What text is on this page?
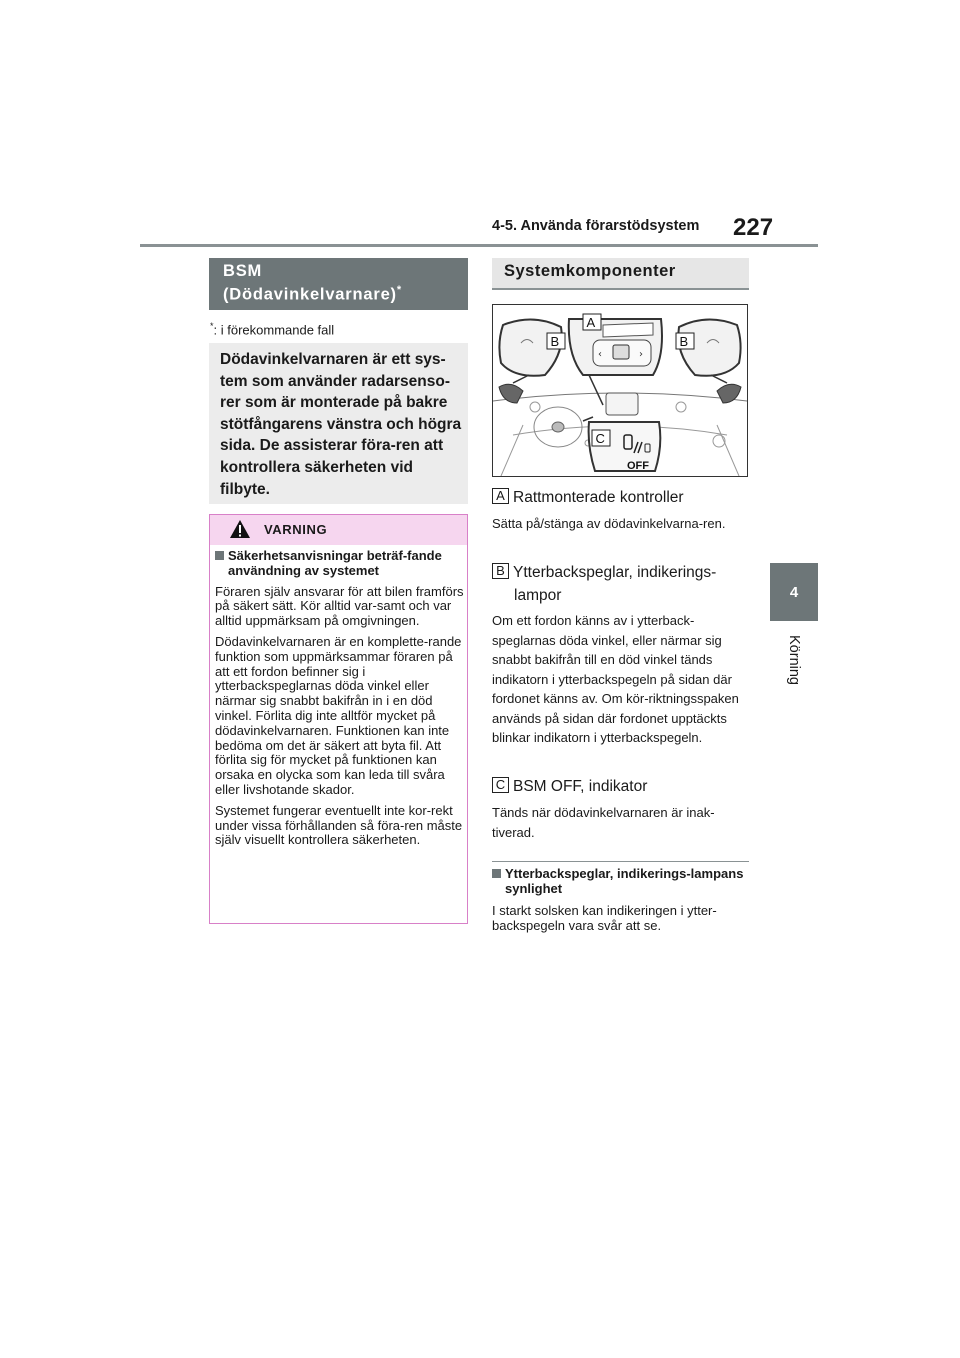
4-5. Använda förarstödsystem 227
4
Körning
BSM
(Dödavinkelvarnare)*
*: i förekommande fall
Dödavinkelvarnaren är ett sys-tem som använder radarsenso-rer som är monterade på bakre stötfångarens vänstra och högra sida. De assisterar föra-ren att kontrollera säkerheten vid filbyte.
VARNING

Säkerhetsanvisningar beträf-fande användning av systemet

Föraren själv ansvarar för att bilen framförs på säkert sätt. Kör alltid var-samt och var alltid uppmärksam på omgivningen.

Dödavinkelvarnaren är en komplette-rande funktion som uppmärksammar föraren på att ett fordon befinner sig i ytterbackspeglarnas döda vinkel eller närmar sig snabbt bakifrån in i en död vinkel. Förlita dig inte alltför mycket på dödavinkelvarnaren. Funktionen kan inte bedöma om det är säkert att byta fil. Att förlita sig för mycket på funktionen kan orsaka en olycka som kan leda till svåra eller livshotande skador.

Systemet fungerar eventuellt inte kor-rekt under vissa förhållanden så föra-ren måste själv visuellt kontrollera säkerheten.

Systemkomponenter
‹	›
A
B	B
C
OFF
A Rattmonterade kontroller
Sätta på/stänga av dödavinkelvarna-ren.
B Ytterbackspeglar, indikerings-
lampor
Om ett fordon känns av i ytterback-speglarnas döda vinkel, eller närmar sig snabbt bakifrån till en död vinkel tänds indikatorn i ytterbackspegeln på sidan där fordonet känns av. Om kör-riktningsspaken används på sidan där fordonet upptäckts blinkar indikatorn i ytterbackspegeln.
C BSM OFF, indikator
Tänds när dödavinkelvarnaren är inak-tiverad.
Ytterbackspeglar, indikerings-lampans synlighet
I starkt solsken kan indikeringen i ytter-backspegeln vara svår att se.
